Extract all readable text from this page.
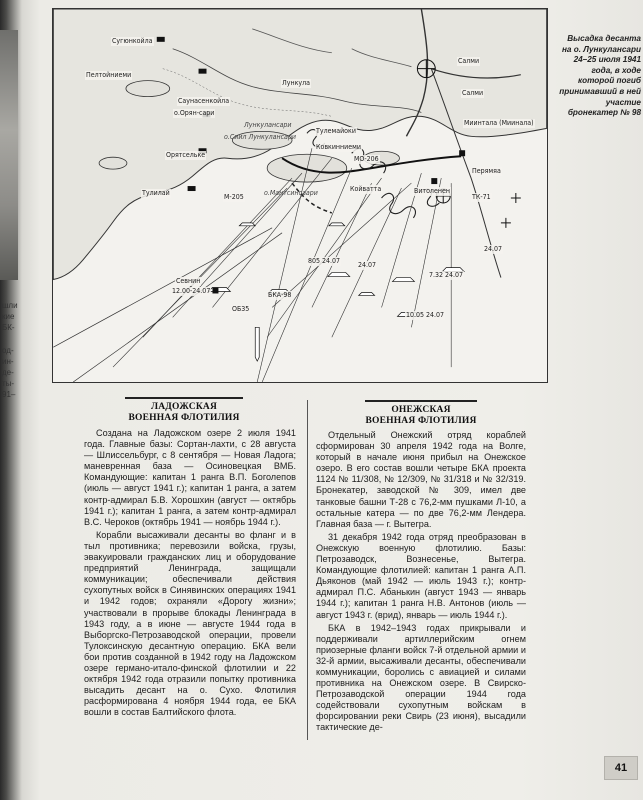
шли
кие
БК-
од-
ин-
де-
ты-
91–
Сугюнкойла
Пелтойниеми
Саунасенкойла
о.Орян-сари
Орятсельке
Лункула
Лункулансари
Салми
Салми
Миинтала (Миинала)
Перямяа
Ковкинниеми
Койватта	Витоленен
Тулемайоки
Тулилай
о.Сиил Лункулансари
о.Мантсинсаари
Севнин
12.00-24.07
24.07
7.32 24.07
10.05 24.07
805 24.07	24.07
М-205
МО-206
ТК-71
ОБ35
БКА-98
Высадка десанта на о. Лункулансари 24–25 июля 1941 года, в ходе которой погиб принимавший в ней участие бронекатер № 98
ЛАДОЖСКАЯ
ВОЕННАЯ ФЛОТИЛИЯ
ОНЕЖСКАЯ
ВОЕННАЯ ФЛОТИЛИЯ

Создана на Ладожском озере 2 июля 1941 года. Главные базы: Сортан-лахти, с 28 августа — Шлиссельбург, с 8 сентября — Новая Ладога; маневренная база — Осиновецкая ВМБ. Командующие: капитан 1 ранга В.П. Боголепов (июль — август 1941 г.); капитан 1 ранга, а затем контр-адмирал Б.В. Хорошхин (август — октябрь 1941 г.); капитан 1 ранга, а затем контр-адмирал В.С. Чероков (октябрь 1941 — ноябрь 1944 г.).

Корабли высаживали десанты во фланг и в тыл противника; перевозили войска, грузы, эвакуировали гражданских лиц и оборудование предприятий Ленинграда, защищали коммуникации; обеспечивали действия сухопутных войск в Синявинских операциях 1941 и 1942 годов; охраняли «Дорогу жизни»; участвовали в прорыве блокады Ленинграда в 1943 году, а в июне — августе 1944 года в Выборгско-Петрозаводской операции, провели Тулоксинскую десантную операцию. БКА вели бои против созданной в 1942 году на Ладожском озере германо-итало-финской флотилии и 22 октября 1942 года отразили попытку противника высадить десант на о. Сухо. Флотилия расформирована 4 ноября 1944 года, ее БКА вошли в состав Балтийского флота.

Отдельный Онежский отряд кораблей сформирован 30 апреля 1942 года на Волге, который в начале июня прибыл на Онежское озеро. В его состав вошли четыре БКА проекта 1124 № 11/308, № 12/309, № 31/318 и № 32/319. Бронекатер, заводской № 309, имел две танковые башни Т-28 с 76,2-мм пушками Л-10, а остальные катера — по две 76,2-мм Лендера. Главная база — г. Вытегра.

31 декабря 1942 года отряд преобразован в Онежскую военную флотилию. Базы: Петрозаводск, Вознесенье, Вытегра. Командующие флотилией: капитан 1 ранга А.П. Дьяконов (май 1942 — июль 1943 г.); контр-адмирал П.С. Абанькин (август 1943 — январь 1944 г.); капитан 1 ранга Н.В. Антонов (июль — август 1943 г. (врид), январь — июль 1944 г.).

БКА в 1942–1943 годах прикрывали и поддерживали артиллерийским огнем приозерные фланги войск 7-й отдельной армии и 32-й армии, высаживали десанты, обеспечивали коммуникации, боролись с авиацией и силами противника на Онежском озере. В Свирско-Петрозаводской операции 1944 года содействовали сухопутным войскам в форсировании реки Свирь (23 июня), высадили тактические де-

41
